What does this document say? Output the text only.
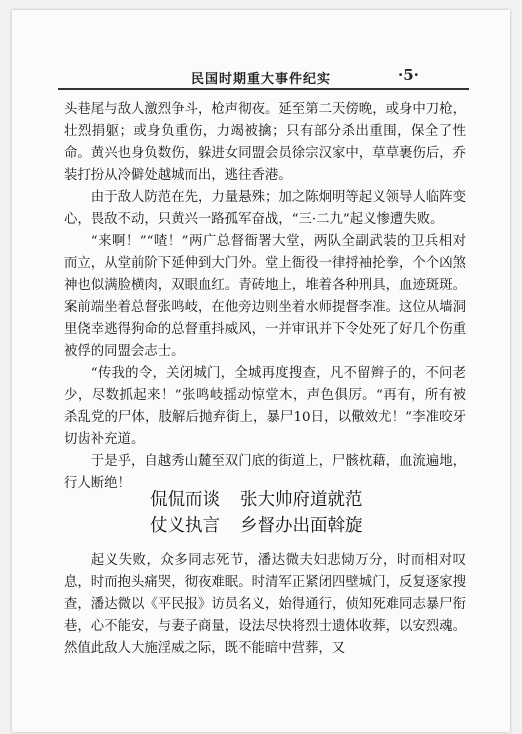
民国时期重大事件纪实	·5·

头巷尾与敌人激烈争斗，枪声彻夜。延至第二天傍晚，或身中刀枪，壮烈捐躯；或身负重伤，力竭被擒；只有部分杀出重围，保全了性命。黄兴也身负数伤，躲进女同盟会员徐宗汉家中，草草裹伤后，乔装打扮从冷僻处越城而出，逃往香港。

由于敌人防范在先，力量悬殊；加之陈炯明等起义领导人临阵变心，畏敌不动，只黄兴一路孤军奋战，“三·二九”起义惨遭失败。

“来啊！”“喳！”两广总督衙署大堂，两队全副武装的卫兵相对而立，从堂前阶下延伸到大门外。堂上衙役一律捋袖抡拳，个个凶煞神也似满脸横肉，双眼血红。青砖地上，堆着各种刑具，血迹斑斑。案前端坐着总督张鸣岐，在他旁边则坐着水师提督李准。这位从墙洞里侥幸逃得狗命的总督重抖威风，一并审讯并下令处死了好几个伤重被俘的同盟会志士。

“传我的令，关闭城门，全城再度搜查，凡不留辫子的，不问老少，尽数抓起来！”张鸣岐摇动惊堂木，声色俱厉。“再有，所有被杀乱党的尸体，肢解后抛弃街上，暴尸10日，以儆效尤！”李准咬牙切齿补充道。

于是乎，自越秀山麓至双门底的街道上，尸骸枕藉，血流遍地，行人断绝！

侃侃而谈 张大帅府道就范
仗义执言 乡督办出面斡旋

起义失败，众多同志死节，潘达微夫妇悲恸万分，时而相对叹息，时而抱头痛哭，彻夜难眠。时清军正紧闭四壁城门，反复逐家搜查，潘达微以《平民报》访员名义，始得通行，侦知死难同志暴尸衔巷，心不能安，与妻子商量，设法尽快将烈士遗体收葬，以安烈魂。然值此敌人大施淫威之际，既不能暗中营葬，又
